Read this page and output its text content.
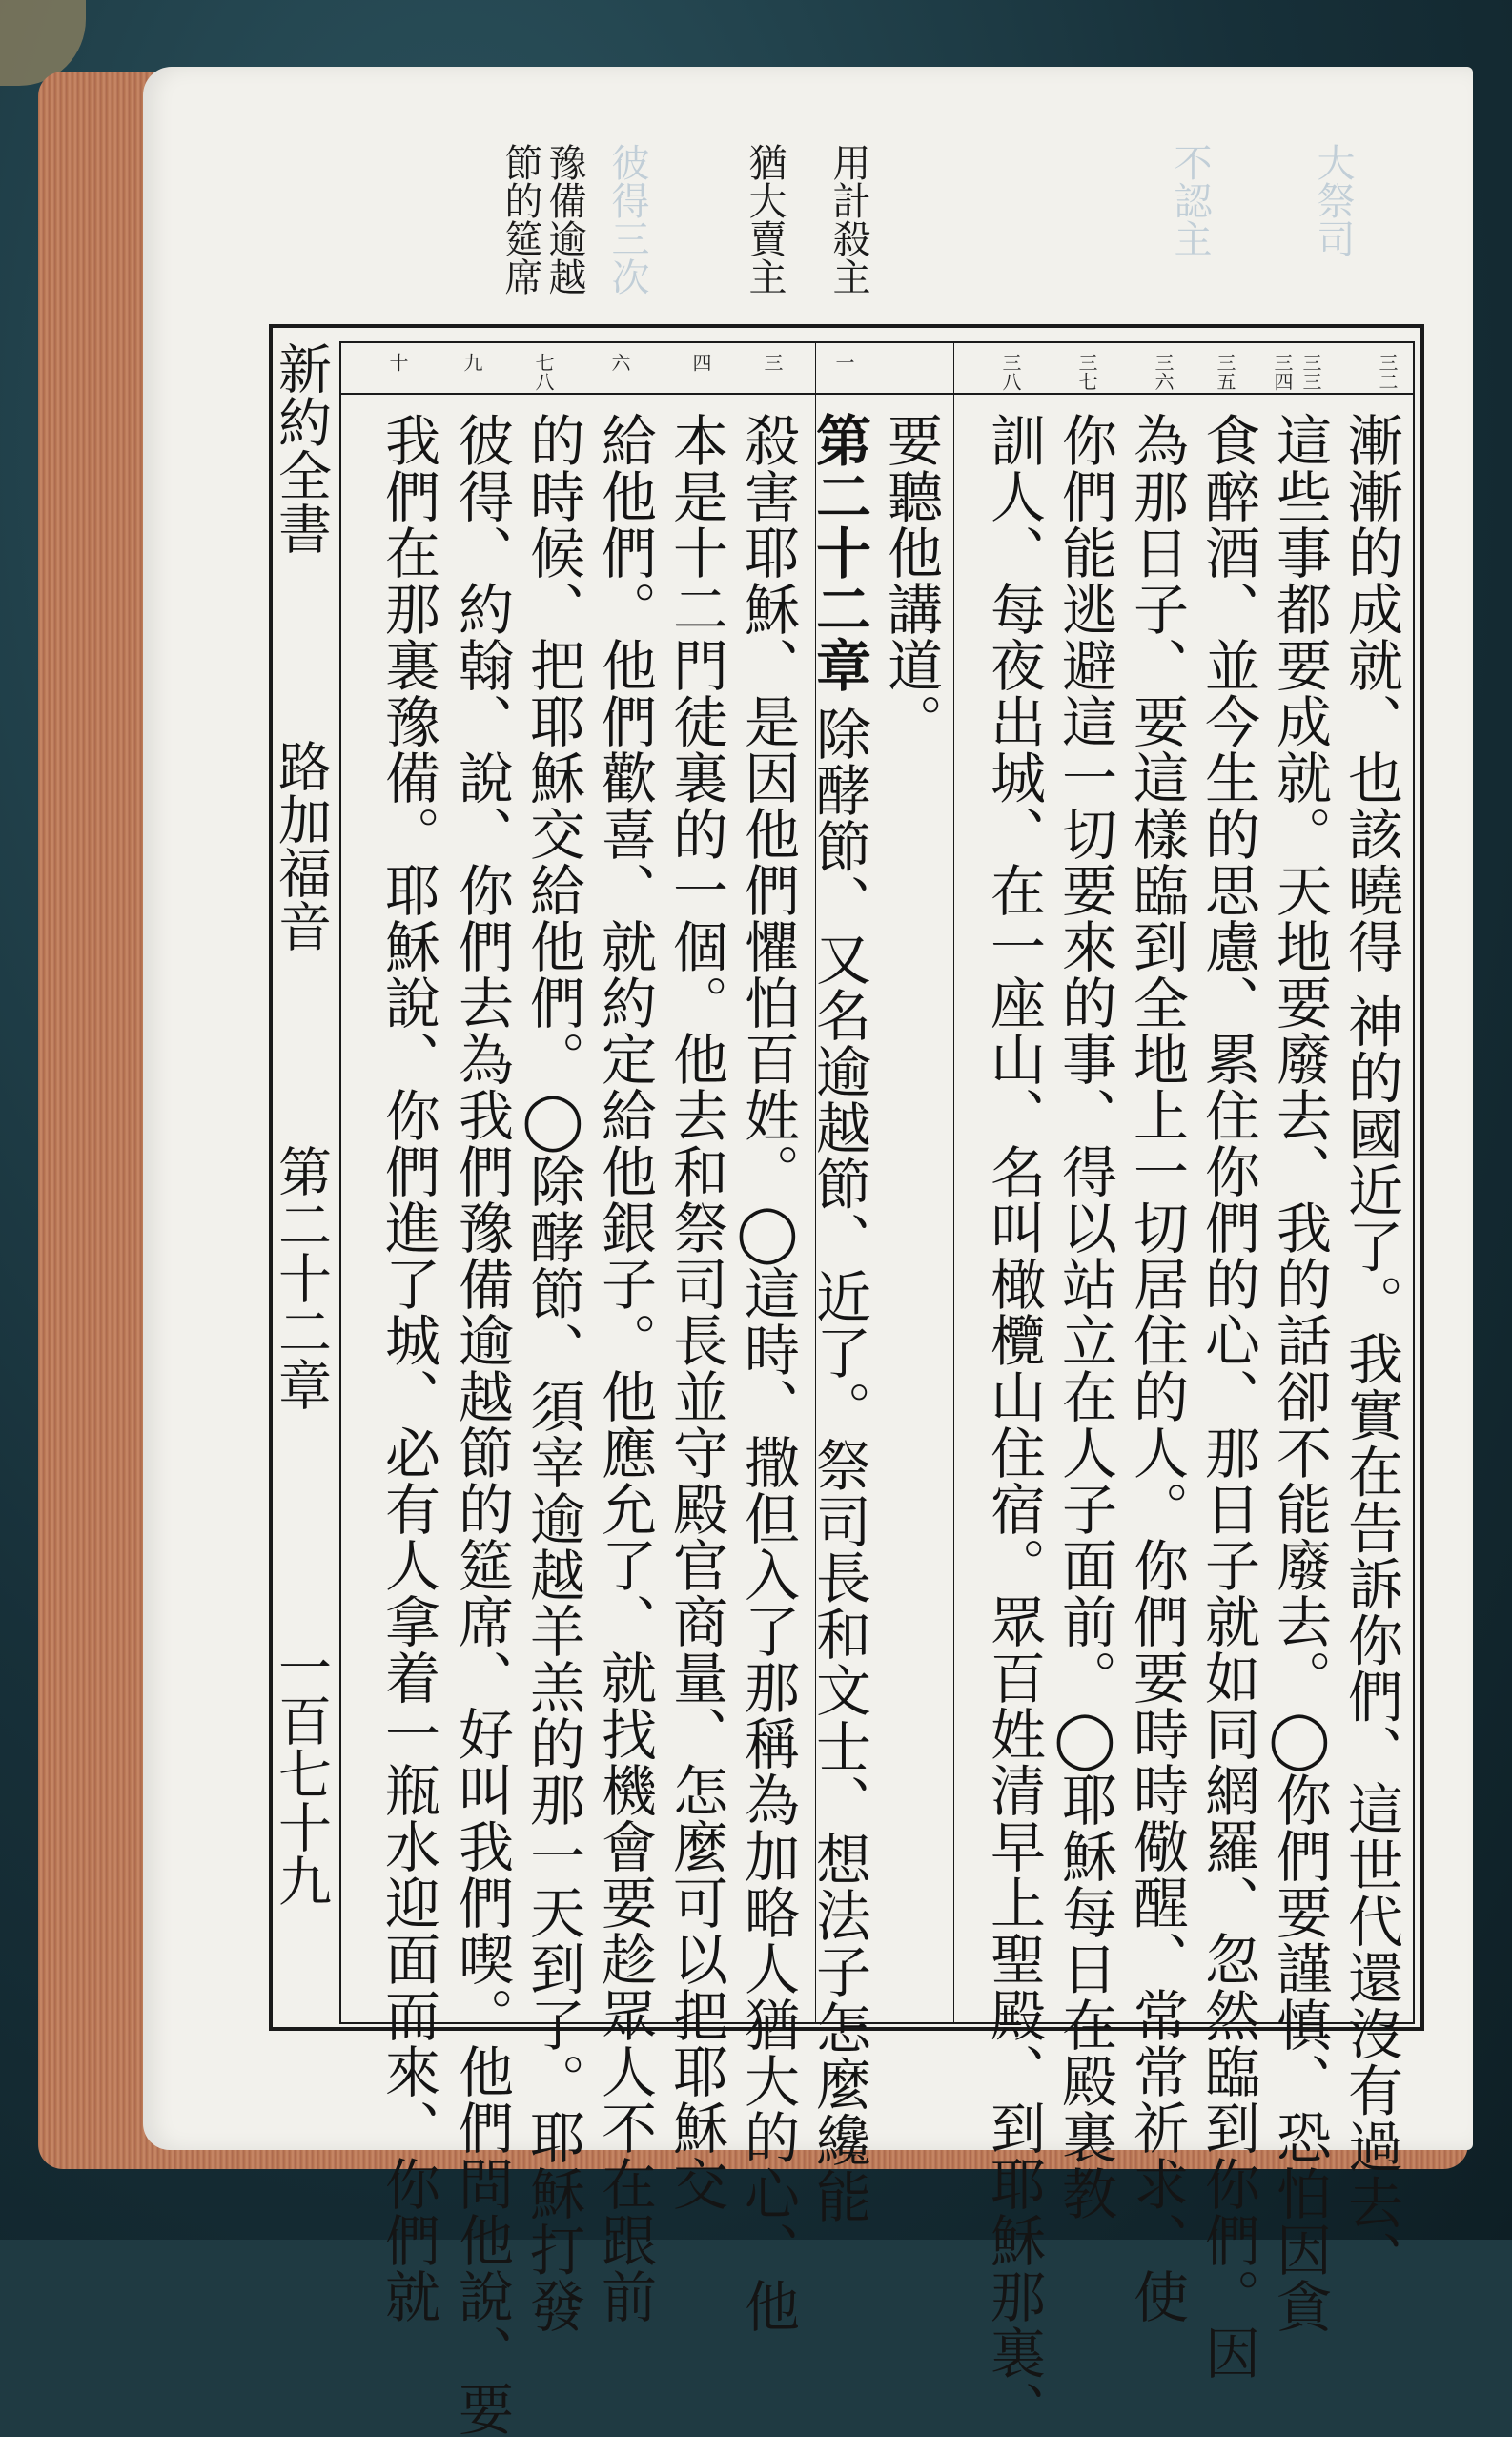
大祭司
不認主
彼得三次	用計殺主
猶大賣主
豫備逾越
節的筵席
新約全書
路加福音
第二十二章
一百七十九
三二
三三
三四
三五
三六
三七
三八
一
三
四
六
七八
九
十
漸漸的成就、也該曉得 神的國近了。我實在告訴你們、這世代還沒有過去、
這些事都要成就。天地要廢去、我的話卻不能廢去。◯你們要謹慎、恐怕因貪
食醉酒、並今生的思慮、累住你們的心、那日子就如同網羅、忽然臨到你們。因
為那日子、要這樣臨到全地上一切居住的人。你們要時時儆醒、常常祈求、使
你們能逃避這一切要來的事、得以站立在人子面前。◯耶穌每日在殿裏教
訓人、每夜出城、在一座山、名叫橄欖山住宿。眾百姓清早上聖殿、到耶穌那裏、
要聽他講道。
第二十二章
除酵節、又名逾越節、近了。祭司長和文士、想法子怎麼纔能
殺害耶穌、是因他們懼怕百姓。◯這時、撒但入了那稱為加略人猶大的心、他
本是十二門徒裏的一個。他去和祭司長並守殿官商量、怎麼可以把耶穌交
給他們。他們歡喜、就約定給他銀子。他應允了、就找機會要趁眾人不在跟前
的時候、把耶穌交給他們。◯除酵節、須宰逾越羊羔的那一天到了。耶穌打發
彼得、約翰、說、你們去為我們豫備逾越節的筵席、好叫我們喫。他們問他說、要
我們在那裏豫備。耶穌說、你們進了城、必有人拿着一瓶水迎面而來、你們就
